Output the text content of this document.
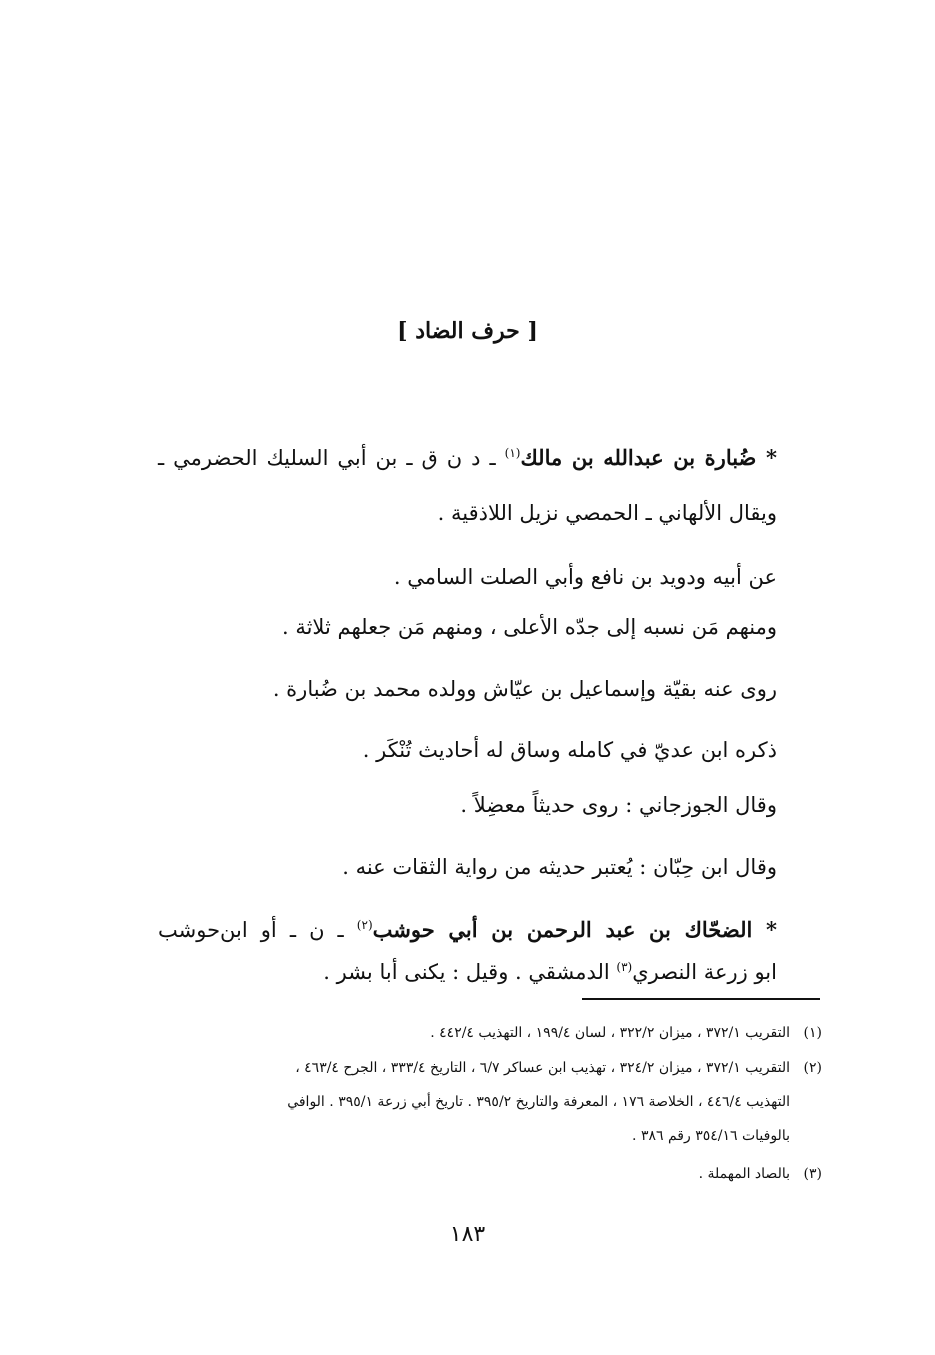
[ حرف الضاد ]
* ضُبارة بن عبدالله بن مالك$^{(١)}$ ـ د ن ق ـ بن أبي السليك الحضرمي ـ
ويقال الألهاني ـ الحمصي نزيل اللاذقية .
عن أبيه ودويد بن نافع وأبي الصلت السامي .
ومنهم مَن نسبه إلى جدّه الأعلى ، ومنهم مَن جعلهم ثلاثة .
روى عنه بقيّة وإسماعيل بن عيّاش وولده محمد بن ضُبارة .
ذكره ابن عديّ في كامله وساق له أحاديث تُنْكَر .
وقال الجوزجاني : روى حديثاً معضِلاً .
وقال ابن حِبّان : يُعتبر حديثه من رواية الثقات عنه .
* الضحّاك بن عبد الرحمن بن أبي حوشب$^{(٢)}$ ـ ن ـ أو ابن‌حوشب
ابو زرعة النصري$^{(٣)}$ الدمشقي . وقيل : يكنى أبا بشر .
(١)
التقريب ٣٧٢/١ ، ميزان ٣٢٢/٢ ، لسان ١٩٩/٤ ، التهذيب ٤٤٢/٤ .
(٢)
التقريب ٣٧٢/١ ، ميزان ٣٢٤/٢ ، تهذيب ابن عساكر ٦/٧ ، التاريخ ٣٣٣/٤ ، الجرح ٤٦٣/٤ ،
التهذيب ٤٤٦/٤ ، الخلاصة ١٧٦ ، المعرفة والتاريخ ٣٩٥/٢ . تاريخ أبي زرعة ٣٩٥/١ . الوافي
بالوفيات ٣٥٤/١٦ رقم ٣٨٦ .
(٣)
بالصاد المهملة .
١٨٣
